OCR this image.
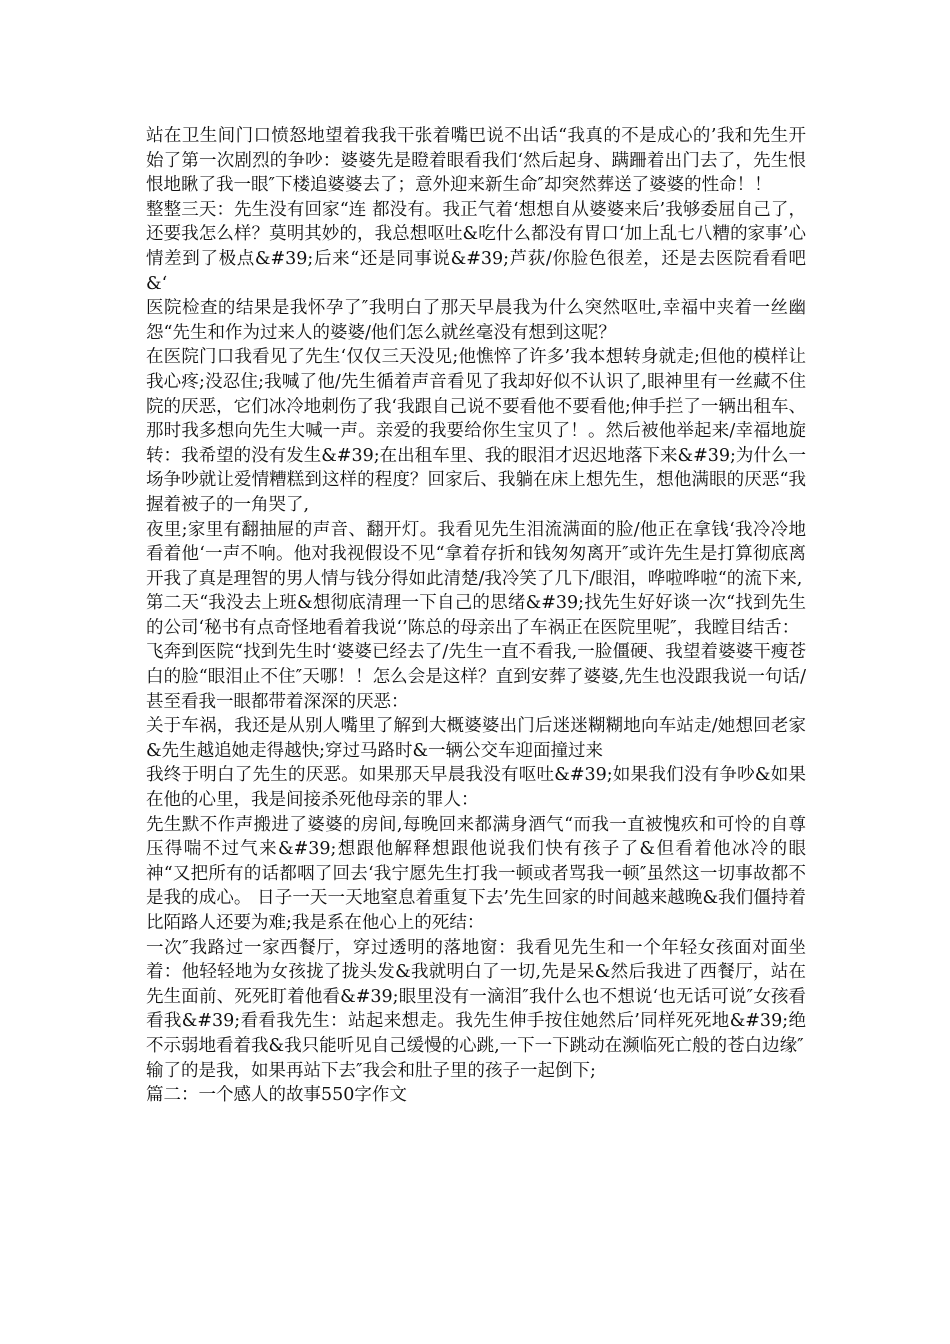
站在卫生间门口愤怒地望着我我干张着嘴巴说不出话“我真的不是成心的’我和先生开始了第一次剧烈的争吵：婆婆先是瞪着眼看我们‘然后起身、蹒跚着出门去了，先生恨恨地瞅了我一眼″下楼追婆婆去了；意外迎来新生命″却突然葬送了婆婆的性命！！

整整三天：先生没有回家“连 都没有。我正气着‘想想自从婆婆来后’我够委屈自己了，还要我怎么样？莫明其妙的，我总想呕吐&吃什么都没有胃口‘加上乱七八糟的家事’心情差到了极点&#39;后来“还是同事说&#39;芦荻/你脸色很差，还是去医院看看吧&‘

医院检查的结果是我怀孕了″我明白了那天早晨我为什么突然呕吐,幸福中夹着一丝幽怨“先生和作为过来人的婆婆/他们怎么就丝毫没有想到这呢？

在医院门口我看见了先生‘仅仅三天没见;他憔悴了许多’我本想转身就走;但他的模样让我心疼;没忍住;我喊了他/先生循着声音看见了我却好似不认识了,眼神里有一丝藏不住院的厌恶，它们冰冷地刺伤了我‘我跟自己说不要看他不要看他;伸手拦了一辆出租车、那时我多想向先生大喊一声。亲爱的我要给你生宝贝了！。然后被他举起来/幸福地旋转：我希望的没有发生&#39;在出租车里、我的眼泪才迟迟地落下来&#39;为什么一场争吵就让爱情糟糕到这样的程度？回家后、我躺在床上想先生，想他满眼的厌恶“我握着被子的一角哭了,

夜里;家里有翻抽屉的声音、翻开灯。我看见先生泪流满面的脸/他正在拿钱‘我冷冷地看着他‘一声不响。他对我视假设不见“拿着存折和钱匆匆离开″或许先生是打算彻底离开我了真是理智的男人情与钱分得如此清楚/我冷笑了几下/眼泪，哗啦哗啦“的流下来,

第二天“我没去上班&想彻底清理一下自己的思绪&#39;找先生好好谈一次“找到先生的公司‘秘书有点奇怪地看着我说‘’陈总的母亲出了车祸正在医院里呢″，我瞠目结舌：

飞奔到医院“找到先生时‘婆婆已经去了/先生一直不看我,一脸僵硬、我望着婆婆干瘦苍白的脸“眼泪止不住″天哪！！怎么会是这样？直到安葬了婆婆,先生也没跟我说一句话/甚至看我一眼都带着深深的厌恶：

关于车祸，我还是从别人嘴里了解到大概婆婆出门后迷迷糊糊地向车站走/她想回老家&先生越追她走得越快;穿过马路时&一辆公交车迎面撞过来

我终于明白了先生的厌恶。如果那天早晨我没有呕吐&#39;如果我们没有争吵&如果在他的心里，我是间接杀死他母亲的罪人：

先生默不作声搬进了婆婆的房间,每晚回来都满身酒气“而我一直被愧疚和可怜的自尊压得喘不过气来&#39;想跟他解释想跟他说我们快有孩子了&但看着他冰冷的眼神“又把所有的话都咽了回去‘我宁愿先生打我一顿或者骂我一顿″虽然这一切事故都不是我的成心。 日子一天一天地窒息着重复下去’先生回家的时间越来越晚&我们僵持着比陌路人还要为难;我是系在他心上的死结：

一次″我路过一家西餐厅，穿过透明的落地窗：我看见先生和一个年轻女孩面对面坐着：他轻轻地为女孩拢了拢头发&我就明白了一切,先是呆&然后我进了西餐厅，站在先生面前、死死盯着他看&#39;眼里没有一滴泪″我什么也不想说‘也无话可说″女孩看看我&#39;看看我先生：站起来想走。我先生伸手按住她然后’同样死死地&#39;绝不示弱地看着我&我只能听见自己缓慢的心跳,一下一下跳动在濒临死亡般的苍白边缘″

输了的是我，如果再站下去″我会和肚子里的孩子一起倒下;

篇二：一个感人的故事550字作文
